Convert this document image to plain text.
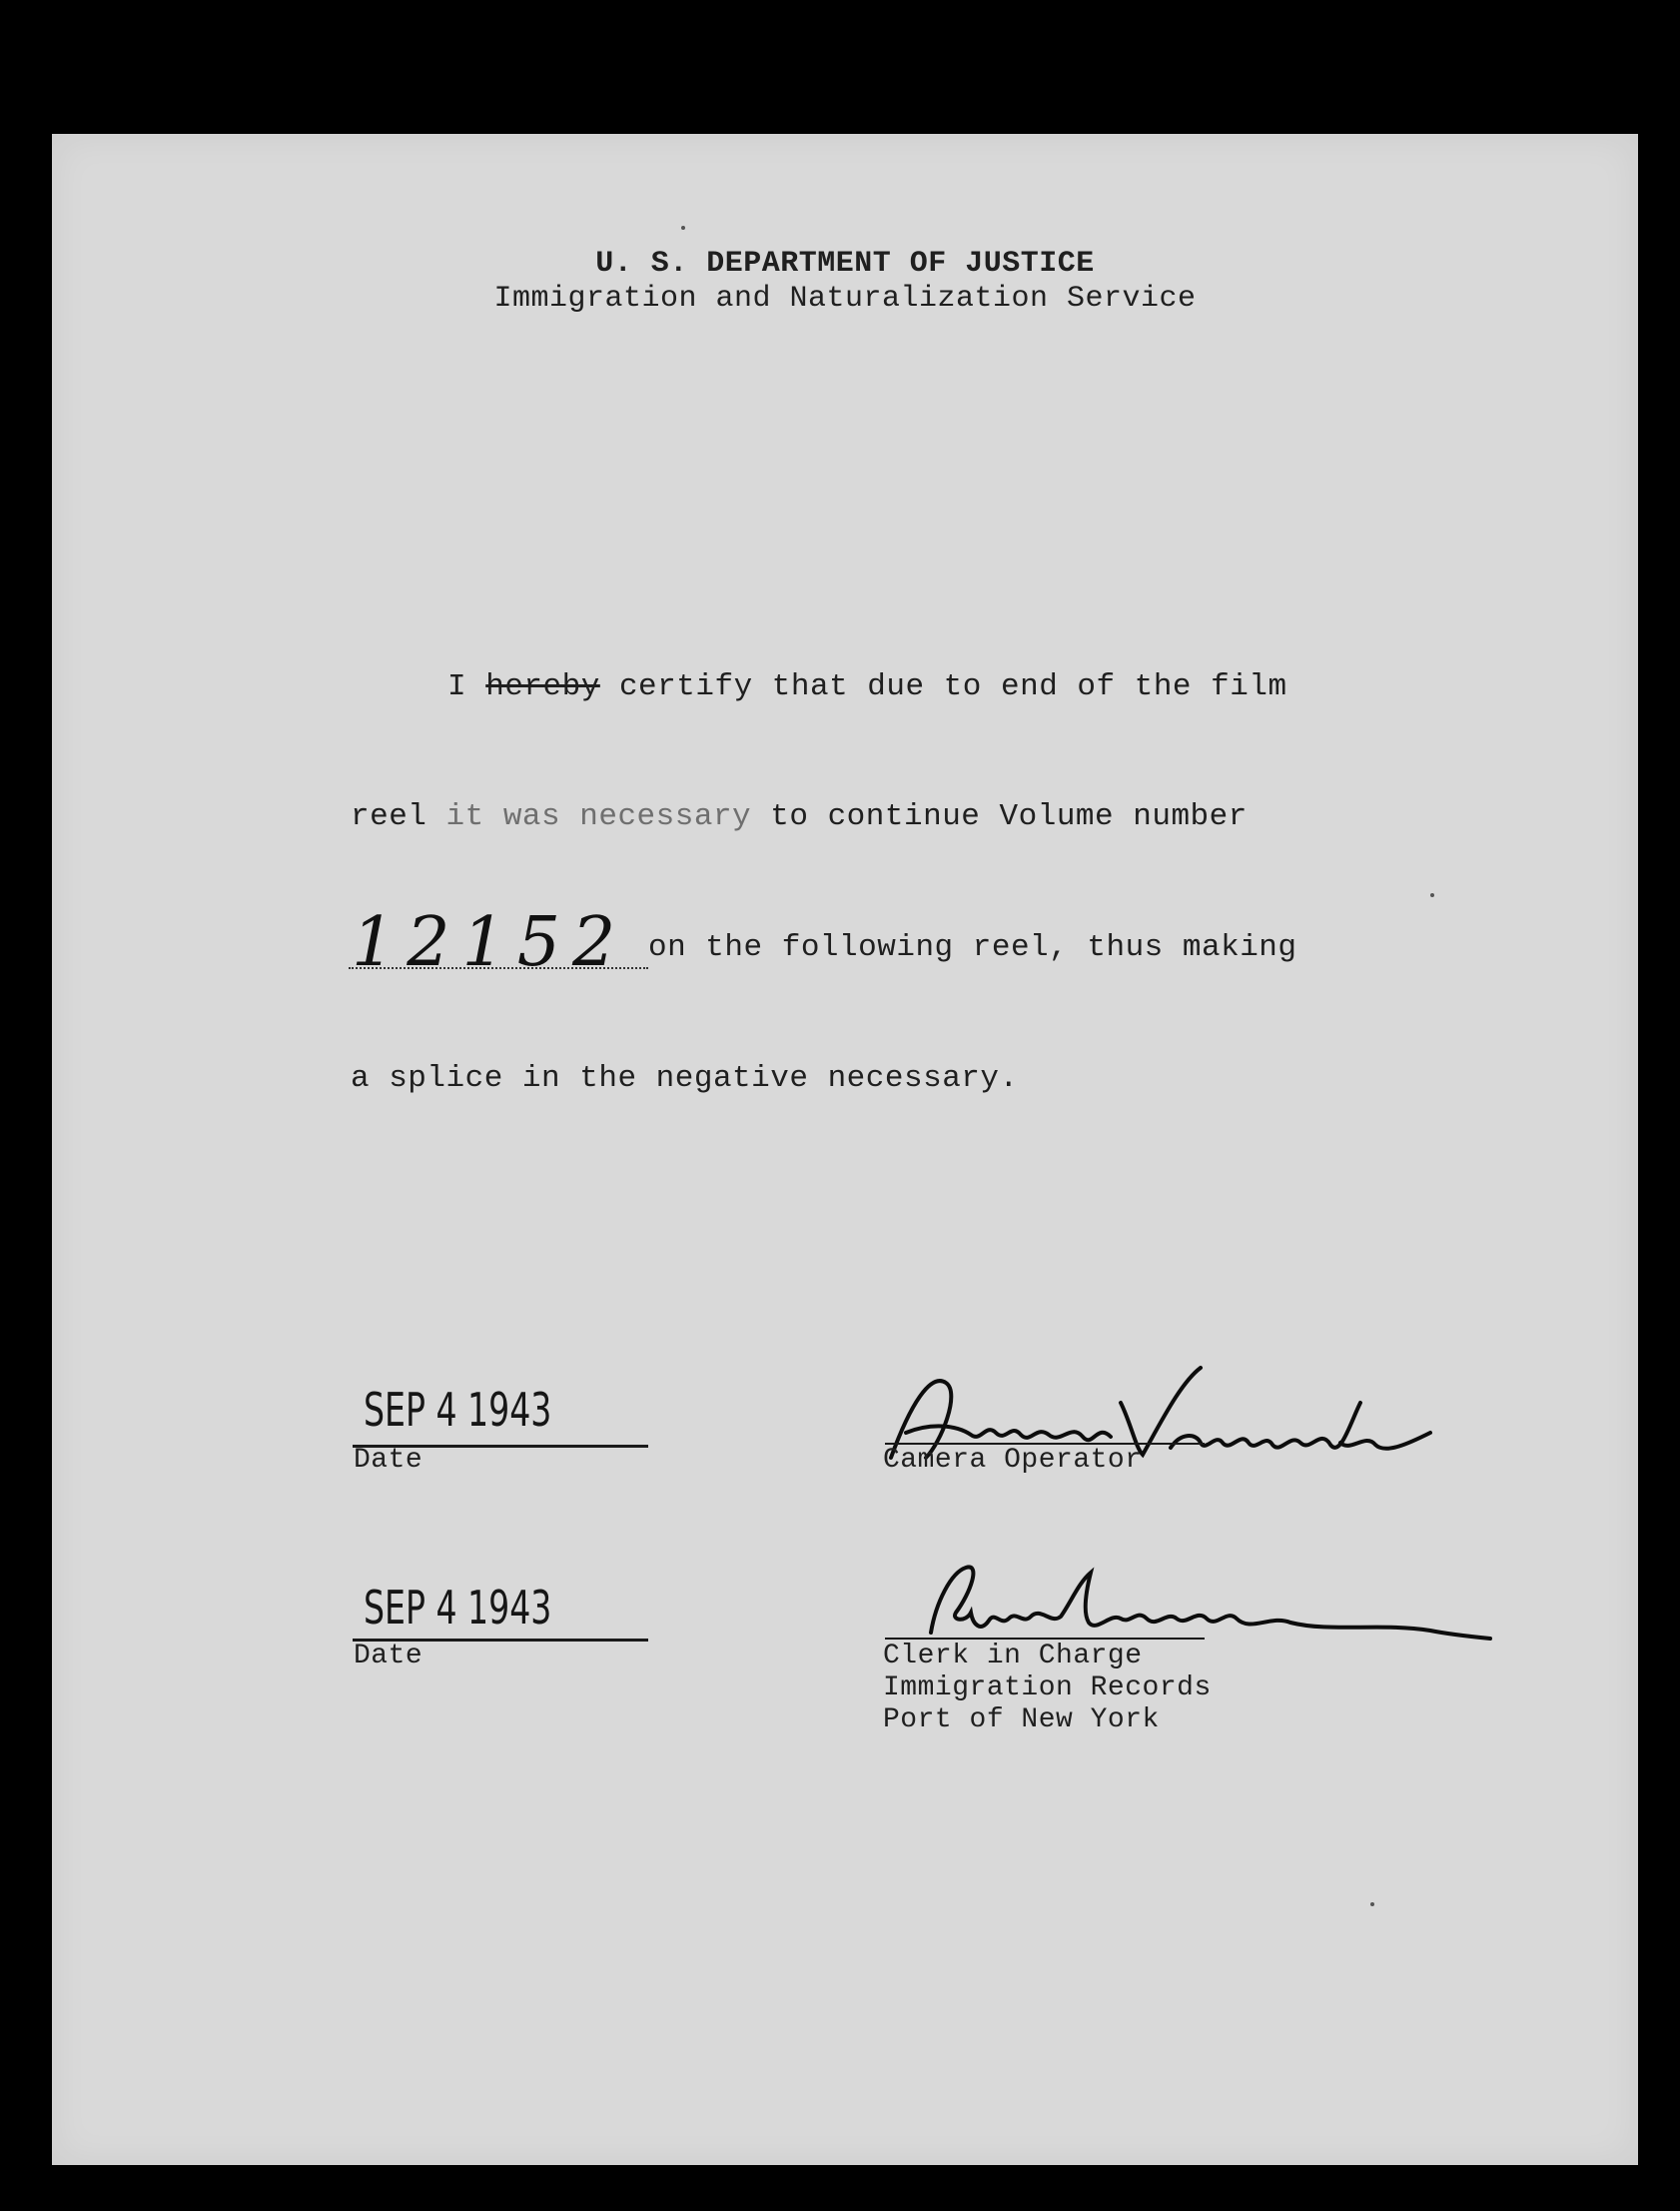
U. S. DEPARTMENT OF JUSTICE
Immigration and Naturalization Service
I hereby certify that due to end of the film
reel it was necessary to continue Volume number
12152 on the following reel, thus making
a splice in the negative necessary.
SEP 4 1943
Date	Camera Operator
SEP 4 1943
Date	Clerk in Charge
Immigration Records
Port of New York
